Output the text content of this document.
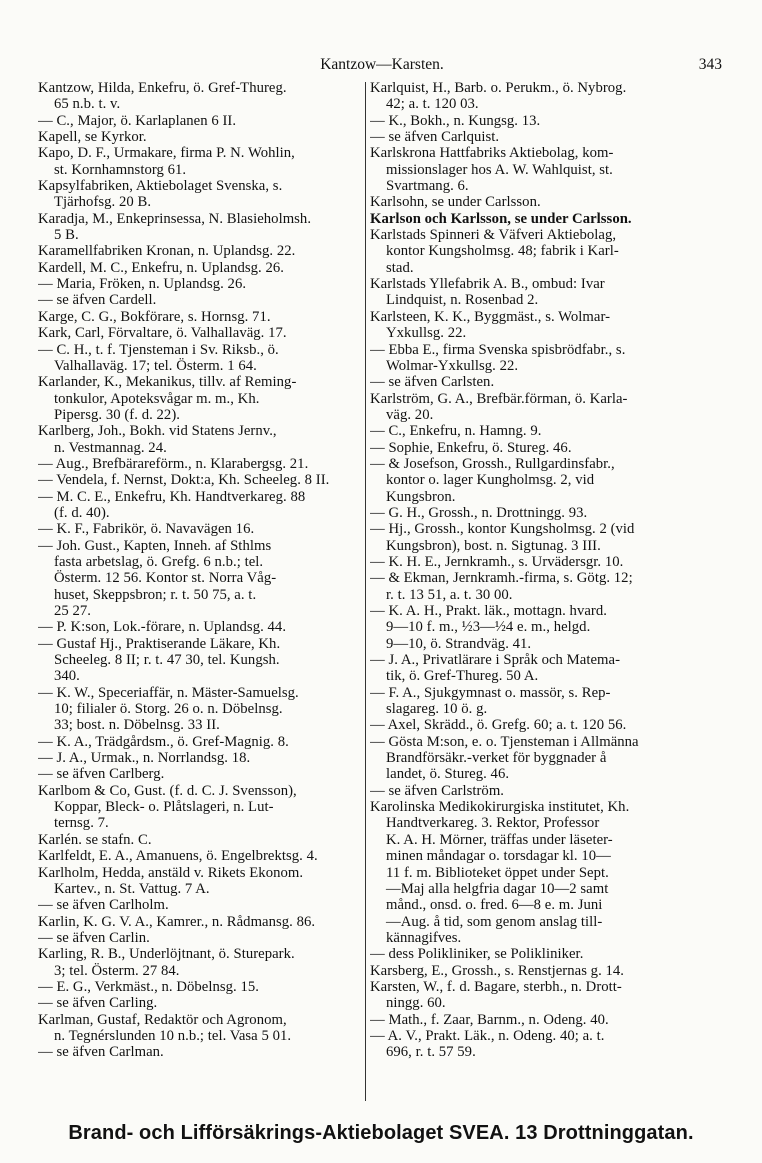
Kantzow—Karsten.	343
Kantzow, Hilda, Enkefru, ö. Gref-Thureg.
65 n.b. t. v.
— C., Major, ö. Karlaplanen 6 II.
Kapell, se Kyrkor.
Kapo, D. F., Urmakare, firma P. N. Wohlin,
st. Kornhamnstorg 61.
Kapsylfabriken, Aktiebolaget Svenska, s.
Tjärhofsg. 20 B.
Karadja, M., Enkeprinsessa, N. Blasieholmsh.
5 B.
Karamellfabriken Kronan, n. Uplandsg. 22.
Kardell, M. C., Enkefru, n. Uplandsg. 26.
— Maria, Fröken, n. Uplandsg. 26.
— se äfven Cardell.
Karge, C. G., Bokförare, s. Hornsg. 71.
Kark, Carl, Förvaltare, ö. Valhallaväg. 17.
— C. H., t. f. Tjensteman i Sv. Riksb., ö.
Valhallaväg. 17; tel. Österm. 1 64.
Karlander, K., Mekanikus, tillv. af Reming-
tonkulor, Apoteksvågar m. m., Kh.
Pipersg. 30 (f. d. 22).
Karlberg, Joh., Bokh. vid Statens Jernv.,
n. Vestmannag. 24.
— Aug., Brefbärareförm., n. Klarabergsg. 21.
— Vendela, f. Nernst, Dokt:a, Kh. Scheeleg. 8 II.
— M. C. E., Enkefru, Kh. Handtverkareg. 88
(f. d. 40).
— K. F., Fabrikör, ö. Navavägen 16.
— Joh. Gust., Kapten, Inneh. af Sthlms
fasta arbetslag, ö. Grefg. 6 n.b.; tel.
Österm. 12 56. Kontor st. Norra Våg-
huset, Skeppsbron; r. t. 50 75, a. t.
25 27.
— P. K:son, Lok.-förare, n. Uplandsg. 44.
— Gustaf Hj., Praktiserande Läkare, Kh.
Scheeleg. 8 II; r. t. 47 30, tel. Kungsh.
340.
— K. W., Speceriaffär, n. Mäster-Samuelsg.
10; filialer ö. Storg. 26 o. n. Döbelnsg.
33; bost. n. Döbelnsg. 33 II.
— K. A., Trädgårdsm., ö. Gref-Magnig. 8.
— J. A., Urmak., n. Norrlandsg. 18.
— se äfven Carlberg.
Karlbom & Co, Gust. (f. d. C. J. Svensson),
Koppar, Bleck- o. Plåtslageri, n. Lut-
ternsg. 7.
Karlén. se stafn. C.
Karlfeldt, E. A., Amanuens, ö. Engelbrektsg. 4.
Karlholm, Hedda, anstäld v. Rikets Ekonom.
Kartev., n. St. Vattug. 7 A.
— se äfven Carlholm.
Karlin, K. G. V. A., Kamrer., n. Rådmansg. 86.
— se äfven Carlin.
Karling, R. B., Underlöjtnant, ö. Sturepark.
3; tel. Österm. 27 84.
— E. G., Verkmäst., n. Döbelnsg. 15.
— se äfven Carling.
Karlman, Gustaf, Redaktör och Agronom,
n. Tegnérslunden 10 n.b.; tel. Vasa 5 01.
— se äfven Carlman.
Karlquist, H., Barb. o. Perukm., ö. Nybrog.
42; a. t. 120 03.
— K., Bokh., n. Kungsg. 13.
— se äfven Carlquist.
Karlskrona Hattfabriks Aktiebolag, kom-
missionslager hos A. W. Wahlquist, st.
Svartmang. 6.
Karlsohn, se under Carlsson.
Karlson och Karlsson, se under Carlsson.
Karlstads Spinneri & Väfveri Aktiebolag,
kontor Kungsholmsg. 48; fabrik i Karl-
stad.
Karlstads Yllefabrik A. B., ombud: Ivar
Lindquist, n. Rosenbad 2.
Karlsteen, K. K., Byggmäst., s. Wolmar-
Yxkullsg. 22.
— Ebba E., firma Svenska spisbrödfabr., s.
Wolmar-Yxkullsg. 22.
— se äfven Carlsten.
Karlström, G. A., Brefbär.förman, ö. Karla-
väg. 20.
— C., Enkefru, n. Hamng. 9.
— Sophie, Enkefru, ö. Stureg. 46.
— & Josefson, Grossh., Rullgardinsfabr.,
kontor o. lager Kungholmsg. 2, vid
Kungsbron.
— G. H., Grossh., n. Drottningg. 93.
— Hj., Grossh., kontor Kungsholmsg. 2 (vid
Kungsbron), bost. n. Sigtunag. 3 III.
— K. H. E., Jernkramh., s. Urvädersgr. 10.
— & Ekman, Jernkramh.-firma, s. Götg. 12;
r. t. 13 51, a. t. 30 00.
— K. A. H., Prakt. läk., mottagn. hvard.
9—10 f. m., ½3—½4 e. m., helgd.
9—10, ö. Strandväg. 41.
— J. A., Privatlärare i Språk och Matema-
tik, ö. Gref-Thureg. 50 A.
— F. A., Sjukgymnast o. massör, s. Rep-
slagareg. 10 ö. g.
— Axel, Skrädd., ö. Grefg. 60; a. t. 120 56.
— Gösta M:son, e. o. Tjensteman i Allmänna
Brandförsäkr.-verket för byggnader å
landet, ö. Stureg. 46.
— se äfven Carlström.
Karolinska Medikokirurgiska institutet, Kh.
Handtverkareg. 3. Rektor, Professor
K. A. H. Mörner, träffas under läseter-
minen måndagar o. torsdagar kl. 10—
11 f. m. Biblioteket öppet under Sept.
—Maj alla helgfria dagar 10—2 samt
månd., onsd. o. fred. 6—8 e. m. Juni
—Aug. å tid, som genom anslag till-
kännagifves.
— dess Polikliniker, se Polikliniker.
Karsberg, E., Grossh., s. Renstjernas g. 14.
Karsten, W., f. d. Bagare, sterbh., n. Drott-
ningg. 60.
— Math., f. Zaar, Barnm., n. Odeng. 40.
— A. V., Prakt. Läk., n. Odeng. 40; a. t.
696, r. t. 57 59.
Brand- och Lifförsäkrings-Aktiebolaget SVEA. 13 Drottninggatan.
